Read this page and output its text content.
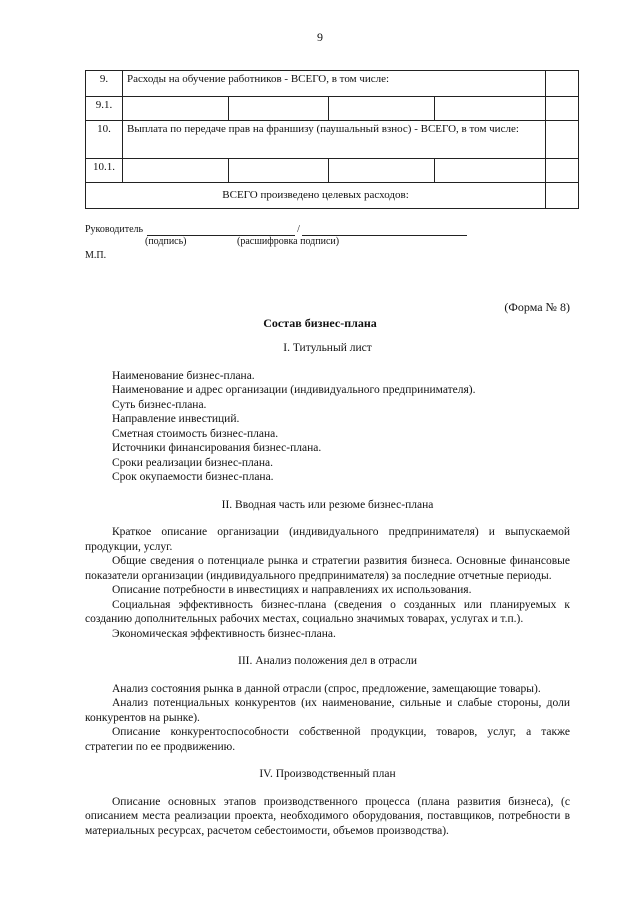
9
9.	Расходы на обучение работников - ВСЕГО, в том числе:				
9.1.					
10.	Выплата по передаче прав на франшизу (паушальный взнос) - ВСЕГО, в том числе:				
10.1.					
ВСЕГО произведено целевых расходов:					
Руководитель	/
(подпись)	(расшифровка подписи)
М.П.
(Форма № 8)
Состав бизнес-плана

I. Титульный лист

Наименование бизнес-плана.

Наименование и адрес организации (индивидуального предпринимателя).

Суть бизнес-плана.

Направление инвестиций.

Сметная стоимость бизнес-плана.

Источники финансирования бизнес-плана.

Сроки реализации бизнес-плана.

Срок окупаемости бизнес-плана.

II. Вводная часть или резюме бизнес-плана

Краткое описание организации (индивидуального предпринимателя) и выпускаемой продукции, услуг.

Общие сведения о потенциале рынка и стратегии развития бизнеса. Основные финансовые показатели организации (индивидуального предпринимателя) за последние отчетные периоды.

Описание потребности в инвестициях и направлениях их использования.

Социальная эффективность бизнес-плана (сведения о созданных или планируемых к созданию дополнительных рабочих местах, социально значимых товарах, услугах и т.п.).

Экономическая эффективность бизнес-плана.

III. Анализ положения дел в отрасли

Анализ состояния рынка в данной отрасли (спрос, предложение, замещающие товары).

Анализ потенциальных конкурентов (их наименование, сильные и слабые стороны, доли конкурентов на рынке).

Описание конкурентоспособности собственной продукции, товаров, услуг, а также стратегии по ее продвижению.

IV. Производственный план

Описание основных этапов производственного процесса (плана развития бизнеса), (с описанием места реализации проекта, необходимого оборудования, поставщиков, потребности в материальных ресурсах, расчетом себестоимости, объемов производства).
